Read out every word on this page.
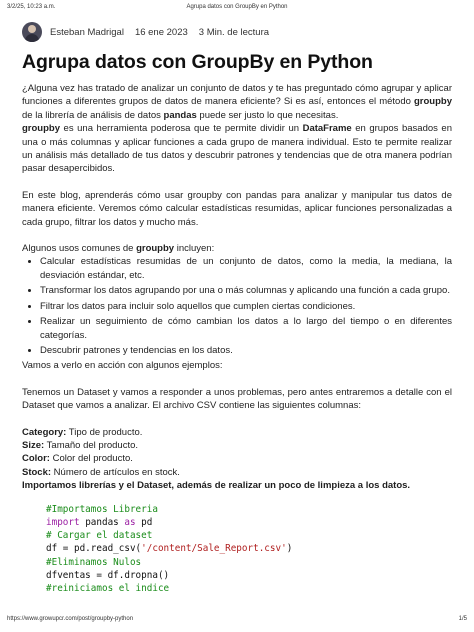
3/2/25, 10:23 a.m.	Agrupa datos con GroupBy en Python
Esteban Madrigal 16 ene 2023 3 Min. de lectura
Agrupa datos con GroupBy en Python

¿Alguna vez has tratado de analizar un conjunto de datos y te has preguntado cómo agrupar y aplicar funciones a diferentes grupos de datos de manera eficiente? Si es así, entonces el método groupby de la librería de análisis de datos pandas puede ser justo lo que necesitas.

groupby es una herramienta poderosa que te permite dividir un DataFrame en grupos basados en una o más columnas y aplicar funciones a cada grupo de manera individual. Esto te permite realizar un análisis más detallado de tus datos y descubrir patrones y tendencias que de otra manera podrían pasar desapercibidos.

En este blog, aprenderás cómo usar groupby con pandas para analizar y manipular tus datos de manera eficiente. Veremos cómo calcular estadísticas resumidas, aplicar funciones personalizadas a cada grupo, filtrar los datos y mucho más.

Algunos usos comunes de groupby incluyen:

• Calcular estadísticas resumidas de un conjunto de datos, como la media, la mediana, la desviación estándar, etc.
• Transformar los datos agrupando por una o más columnas y aplicando una función a cada grupo.
• Filtrar los datos para incluir solo aquellos que cumplen ciertas condiciones.
• Realizar un seguimiento de cómo cambian los datos a lo largo del tiempo o en diferentes categorías.
• Descubrir patrones y tendencias en los datos.

Vamos a verlo en acción con algunos ejemplos:

Tenemos un Dataset y vamos a responder a unos problemas, pero antes entraremos a detalle con el Dataset que vamos a analizar. El archivo CSV contiene las siguientes columnas:

Category: Tipo de producto.

Size: Tamaño del producto.

Color: Color del producto.

Stock: Número de artículos en stock.

Importamos librerías y el Dataset, además de realizar un poco de limpieza a los datos.

#Importamos Libreria
import pandas as pd
# Cargar el dataset
df = pd.read_csv('/content/Sale_Report.csv')
#Eliminamos Nulos
dfventas = df.dropna()
#reiniciamos el indice
https://www.growupcr.com/post/groupby-python	1/5
